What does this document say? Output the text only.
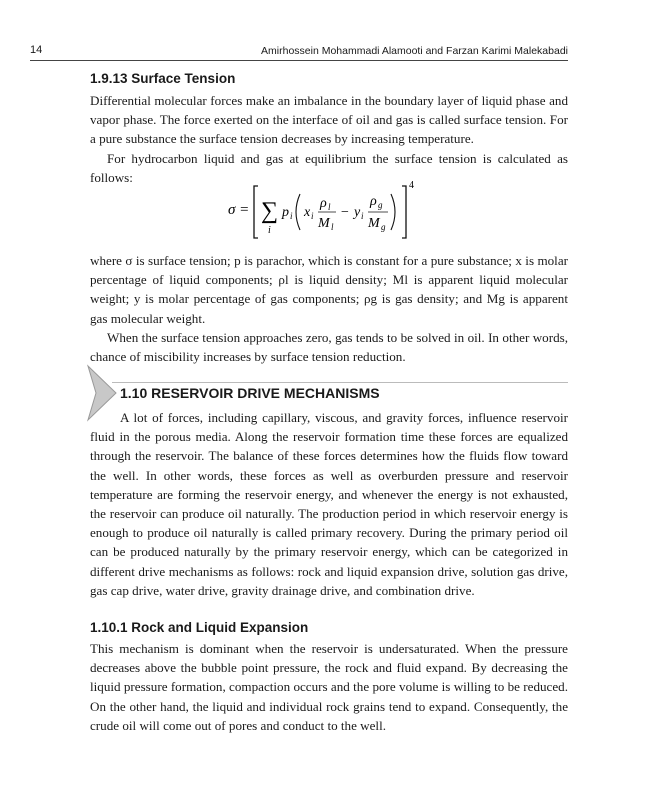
14	Amirhossein Mohammadi Alamooti and Farzan Karimi Malekabadi
1.9.13 Surface Tension

Differential molecular forces make an imbalance in the boundary layer of liquid phase and vapor phase. The force exerted on the interface of oil and gas is called surface tension. For a pure substance the surface tension decreases by increasing temperature.

For hydrocarbon liquid and gas at equilibrium the surface tension is calculated as follows:

σ = ∑
i
p i x i
ρ l
M l
− y i
ρ g
M g
4

where σ is surface tension; p is parachor, which is constant for a pure substance; x is molar percentage of liquid components; ρl is liquid density; Ml is apparent liquid molecular weight; y is molar percentage of gas components; ρg is gas density; and Mg is apparent gas molecular weight.

When the surface tension approaches zero, gas tends to be solved in oil. In other words, chance of miscibility increases by surface tension reduction.

1.10 RESERVOIR DRIVE MECHANISMS

A lot of forces, including capillary, viscous, and gravity forces, influence reservoir fluid in the porous media. Along the reservoir formation time these forces are equalized through the reservoir. The balance of these forces determines how the fluids flow toward the well. In other words, these forces as well as overburden pressure and reservoir temperature are forming the reservoir energy, and whenever the energy is not exhausted, the reservoir can produce oil naturally. The production period in which reservoir energy is enough to produce oil naturally is called primary recovery. During the primary period oil can be produced naturally by the primary reservoir energy, which can be categorized in different drive mechanisms as follows: rock and liquid expansion drive, solution gas drive, gas cap drive, water drive, gravity drainage drive, and combination drive.

1.10.1 Rock and Liquid Expansion

This mechanism is dominant when the reservoir is undersaturated. When the pressure decreases above the bubble point pressure, the rock and fluid expand. By decreasing the liquid pressure formation, compaction occurs and the pore volume is willing to be reduced. On the other hand, the liquid and individual rock grains tend to expand. Consequently, the crude oil will come out of pores and conduct to the well.
